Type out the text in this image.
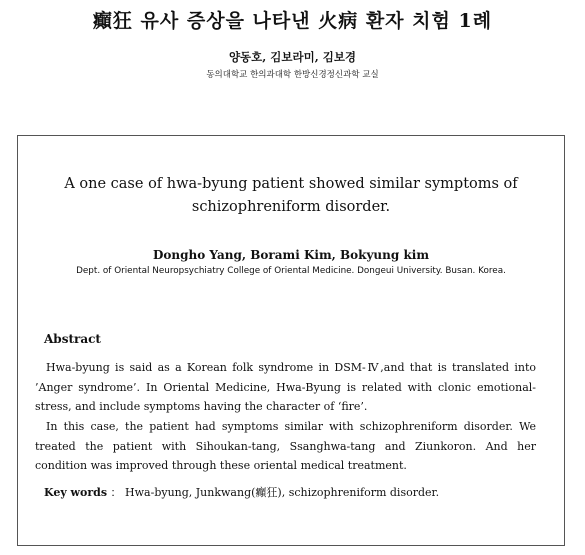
癲狂 유사 증상을 나타낸 火病 환자 치험 1례
양동호, 김보라미, 김보경
동의대학교 한의과대학 한방신경정신과학 교실
A one case of hwa-byung patient showed similar symptoms of schizophreniform disorder.
Dongho Yang, Borami Kim, Bokyung kim
Dept. of Oriental Neuropsychiatry College of Oriental Medicine. Dongeui University. Busan. Korea.
Abstract

Hwa-byung is said as a Korean folk syndrome in DSM-Ⅳ,and that is translated into ’Anger syndrome’. In Oriental Medicine, Hwa-Byung is related with clonic emotional-stress, and include symptoms having the character of ‘fire’.

In this case, the patient had symptoms similar with schizophreniform disorder. We treated the patient with Sihoukan-tang, Ssanghwa-tang and Ziunkoron. And her condition was improved through these oriental medical treatment.

Key words ： Hwa-byung, Junkwang(癲狂), schizophreniform disorder.
